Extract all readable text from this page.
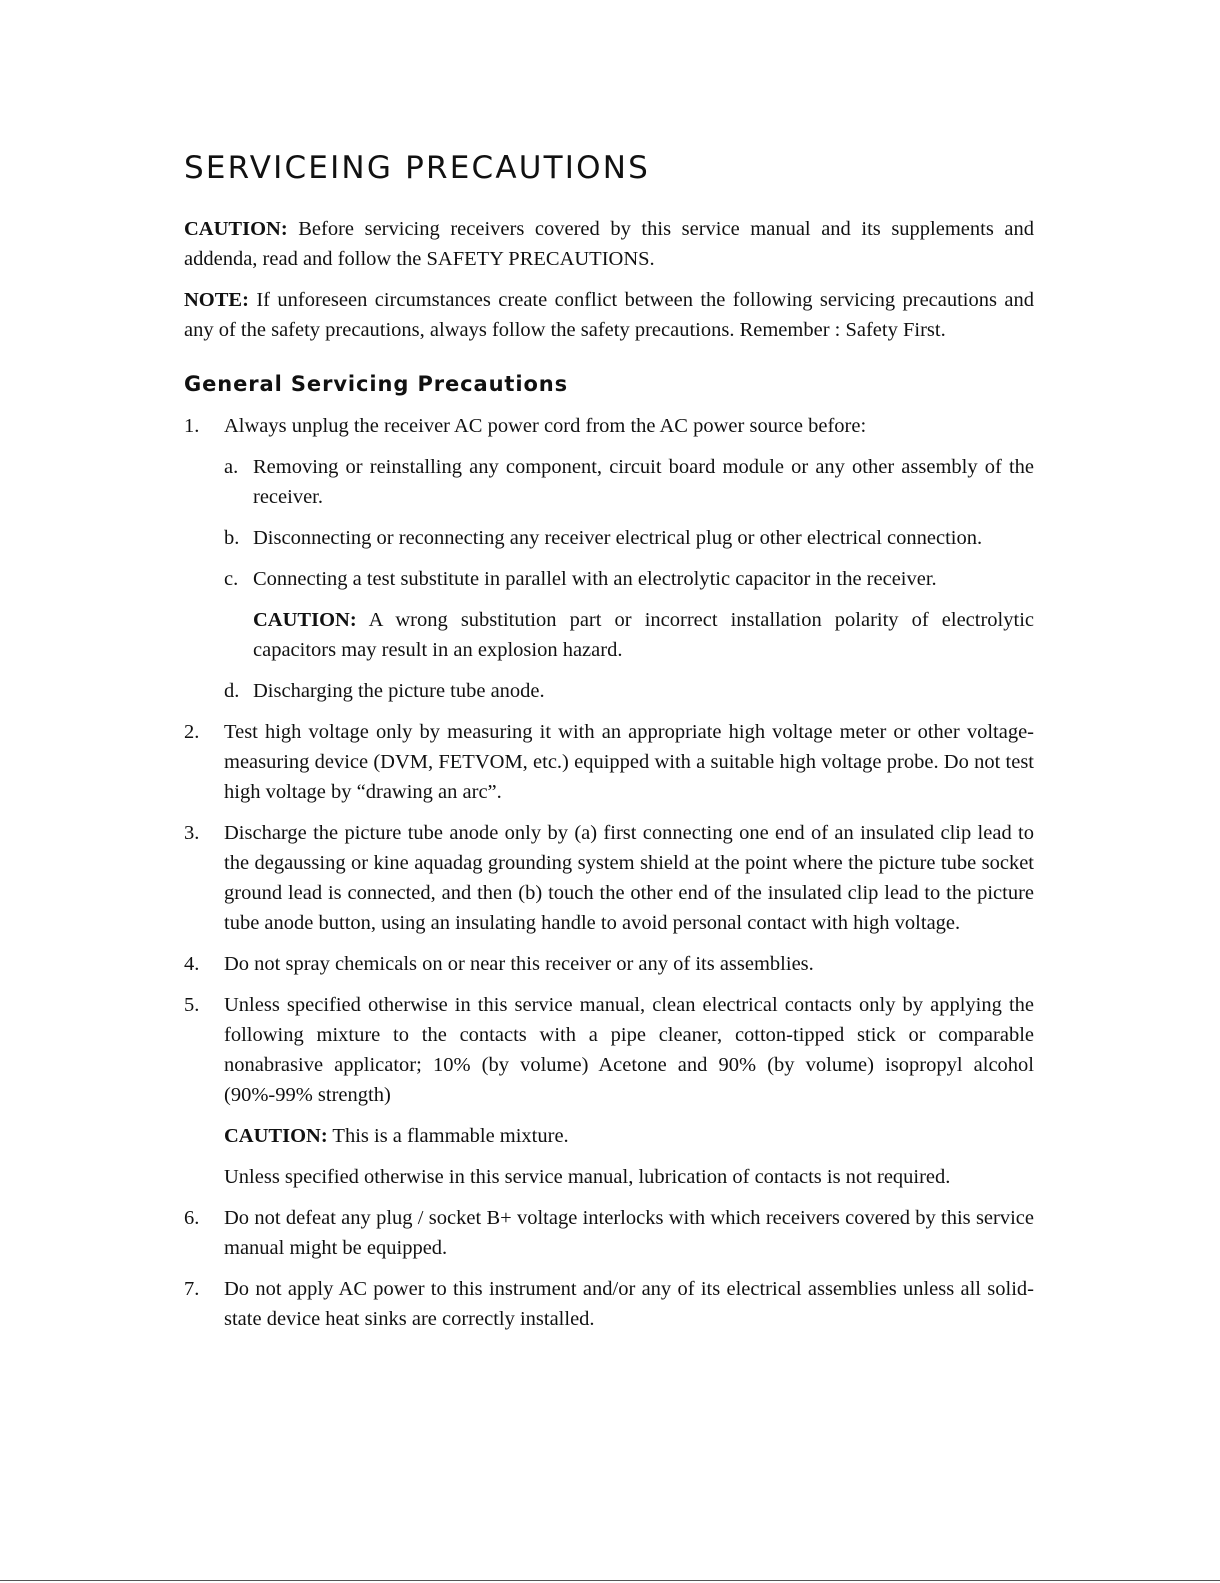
SERVICEING PRECAUTIONS

CAUTION: Before servicing receivers covered by this service manual and its supplements and addenda, read and follow the SAFETY PRECAUTIONS.

NOTE: If unforeseen circumstances create conflict between the following servicing precautions and any of the safety precautions, always follow the safety precautions. Remember : Safety First.

General Servicing Precautions
1. Always unplug the receiver AC power cord from the AC power source before:
a. Removing or reinstalling any component, circuit board module or any other assembly of the receiver.
b. Disconnecting or reconnecting any receiver electrical plug or other electrical connection.
c. Connecting a test substitute in parallel with an electrolytic capacitor in the receiver.
CAUTION: A wrong substitution part or incorrect installation polarity of electrolytic capacitors may result in an explosion hazard.
d. Discharging the picture tube anode.
2. Test high voltage only by measuring it with an appropriate high voltage meter or other voltage-measuring device (DVM, FETVOM, etc.) equipped with a suitable high voltage probe. Do not test high voltage by “drawing an arc”.
3. Discharge the picture tube anode only by (a) first connecting one end of an insulated clip lead to the degaussing or kine aquadag grounding system shield at the point where the picture tube socket ground lead is connected, and then (b) touch the other end of the insulated clip lead to the picture tube anode button, using an insulating handle to avoid personal contact with high voltage.
4. Do not spray chemicals on or near this receiver or any of its assemblies.
5. Unless specified otherwise in this service manual, clean electrical contacts only by applying the following mixture to the contacts with a pipe cleaner, cotton-tipped stick or comparable nonabrasive applicator; 10% (by volume) Acetone and 90% (by volume) isopropyl alcohol (90%-99% strength)
CAUTION: This is a flammable mixture.
Unless specified otherwise in this service manual, lubrication of contacts is not required.
6. Do not defeat any plug / socket B+ voltage interlocks with which receivers covered by this service manual might be equipped.
7. Do not apply AC power to this instrument and/or any of its electrical assemblies unless all solid-state device heat sinks are correctly installed.
